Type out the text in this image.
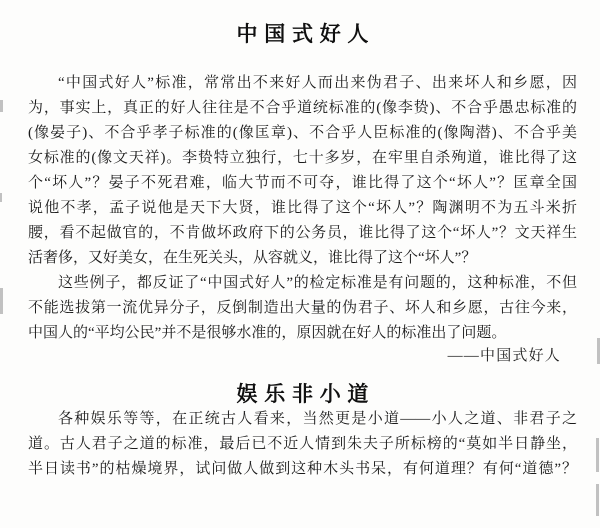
中国式好人
“中国式好人”标准，常常出不来好人而出来伪君子、出来坏人和乡愿，因
为，事实上，真正的好人往往是不合乎道统标准的(像李贽)、不合乎愚忠标准的
(像晏子)、不合乎孝子标准的(像匡章)、不合乎人臣标准的(像陶潜)、不合乎美
女标准的(像文天祥)。李贽特立独行，七十多岁，在牢里自杀殉道，谁比得了这
个“坏人”？晏子不死君难，临大节而不可夺，谁比得了这个“坏人”？匡章全国
说他不孝，孟子说他是天下大贤，谁比得了这个“坏人”？陶渊明不为五斗米折
腰，看不起做官的，不肯做坏政府下的公务员，谁比得了这个“坏人”？文天祥生
活奢侈，又好美女，在生死关头，从容就义，谁比得了这个“坏人”？
这些例子，都反证了“中国式好人”的检定标准是有问题的，这种标准，不但
不能选拔第一流优异分子，反倒制造出大量的伪君子、坏人和乡愿，古往今来，
中国人的“平均公民”并不是很够水准的，原因就在好人的标准出了问题。
——中国式好人
娱乐非小道
各种娱乐等等，在正统古人看来，当然更是小道——小人之道、非君子之
道。古人君子之道的标准，最后已不近人情到朱夫子所标榜的“莫如半日静坐，
半日读书”的枯燥境界，试问做人做到这种木头书呆，有何道理？有何“道德”？
